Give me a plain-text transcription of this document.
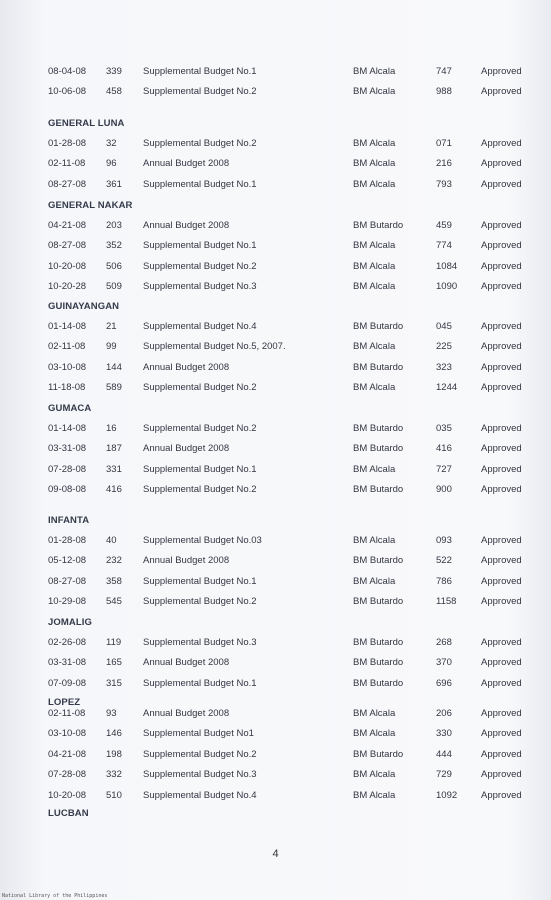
08-04-08 339 Supplemental Budget No.1	BM Alcala	747	Approved
10-06-08 458 Supplemental Budget No.2	BM Alcala	988	Approved
GENERAL LUNA
01-28-08 32	Supplemental Budget No.2	BM Alcala	071	Approved
02-11-08 96	Annual Budget 2008	BM Alcala	216	Approved
08-27-08 361 Supplemental Budget No.1	BM Alcala	793	Approved
GENERAL NAKAR
04-21-08 203 Annual Budget 2008	BM Butardo	459	Approved
08-27-08 352 Supplemental Budget No.1	BM Alcala	774	Approved
10-20-08 506 Supplemental Budget No.2	BM Alcala	1084	Approved
10-20-28 509 Supplemental Budget No.3	BM Alcala	1090	Approved
GUINAYANGAN
01-14-08 21	Supplemental Budget No.4	BM Butardo	045	Approved
02-11-08 99	Supplemental Budget No.5, 2007.	BM Alcala	225	Approved
03-10-08 144 Annual Budget 2008	BM Butardo	323	Approved
11-18-08 589 Supplemental Budget No.2	BM Alcala	1244	Approved
GUMACA
01-14-08 16	Supplemental Budget No.2	BM Butardo	035	Approved
03-31-08 187 Annual Budget 2008	BM Butardo	416	Approved
07-28-08 331 Supplemental Budget No.1	BM Alcala	727	Approved
09-08-08 416 Supplemental Budget No.2	BM Butardo	900	Approved
INFANTA
01-28-08 40	Supplemental Budget No.03	BM Alcala	093	Approved
05-12-08 232 Annual Budget 2008	BM Butardo	522	Approved
08-27-08 358 Supplemental Budget No.1	BM Alcala	786	Approved
10-29-08 545 Supplemental Budget No.2	BM Butardo	1158	Approved
JOMALIG
02-26-08 119 Supplemental Budget No.3	BM Butardo	268	Approved
03-31-08 165 Annual Budget 2008	BM Butardo	370	Approved
07-09-08 315 Supplemental Budget No.1	BM Butardo	696	Approved
LOPEZ
02-11-08 93	Annual Budget 2008	BM Alcala	206	Approved
03-10-08 146 Supplemental Budget No1	BM Alcala	330	Approved
04-21-08 198 Supplemental Budget No.2	BM Butardo	444	Approved
07-28-08 332 Supplemental Budget No.3	BM Alcala	729	Approved
10-20-08 510 Supplemental Budget No.4	BM Alcala	1092	Approved
LUCBAN
4
National Library of the Philippines
